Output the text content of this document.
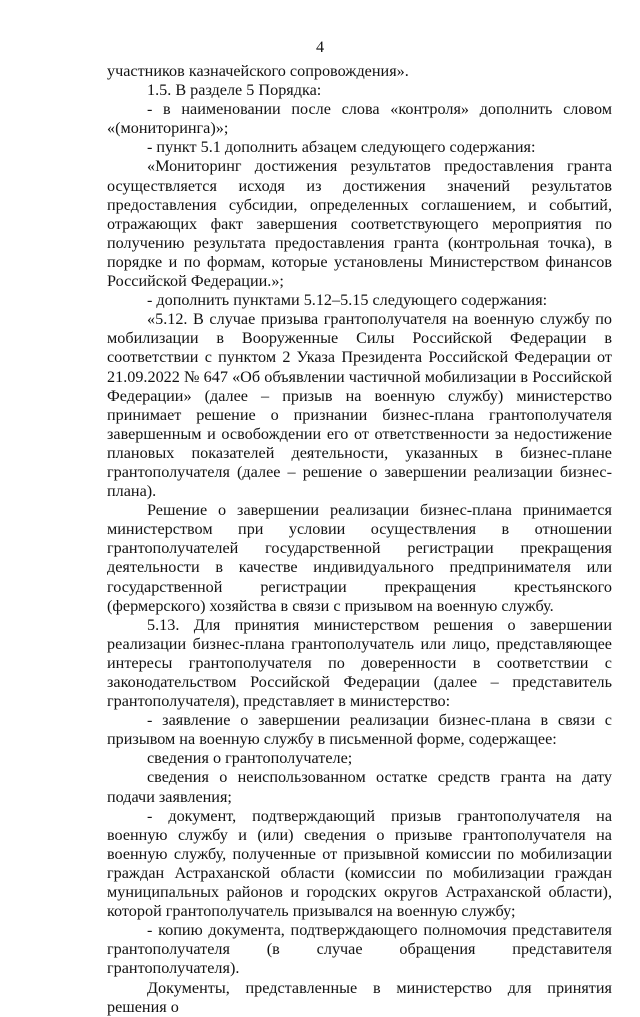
4

участников казначейского сопровождения».

1.5. В разделе 5 Порядка:

- в наименовании после слова «контроля» дополнить словом «(мониторинга)»;

- пункт 5.1 дополнить абзацем следующего содержания:

«Мониторинг достижения результатов предоставления гранта осуществляется исходя из достижения значений результатов предоставления субсидии, определенных соглашением, и событий, отражающих факт завершения соответствующего мероприятия по получению результата предоставления гранта (контрольная точка), в порядке и по формам, которые установлены Министерством финансов Российской Федерации.»;

- дополнить пунктами 5.12–5.15 следующего содержания:

«5.12. В случае призыва грантополучателя на военную службу по мобилизации в Вооруженные Силы Российской Федерации в соответствии с пунктом 2 Указа Президента Российской Федерации от 21.09.2022 № 647 «Об объявлении частичной мобилизации в Российской Федерации» (далее – призыв на военную службу) министерство принимает решение о признании бизнес-плана грантополучателя завершенным и освобождении его от ответственности за недостижение плановых показателей деятельности, указанных в бизнес-плане грантополучателя (далее – решение о завершении реализации бизнес-плана).

Решение о завершении реализации бизнес-плана принимается министерством при условии осуществления в отношении грантополучателей государственной регистрации прекращения деятельности в качестве индивидуального предпринимателя или государственной регистрации прекращения крестьянского (фермерского) хозяйства в связи с призывом на военную службу.

5.13. Для принятия министерством решения о завершении реализации бизнес-плана грантополучатель или лицо, представляющее интересы грантополучателя по доверенности в соответствии с законодательством Российской Федерации (далее – представитель грантополучателя), представляет в министерство:

- заявление о завершении реализации бизнес-плана в связи с призывом на военную службу в письменной форме, содержащее:

сведения о грантополучателе;

сведения о неиспользованном остатке средств гранта на дату подачи заявления;

- документ, подтверждающий призыв грантополучателя на военную службу и (или) сведения о призыве грантополучателя на военную службу, полученные от призывной комиссии по мобилизации граждан Астраханской области (комиссии по мобилизации граждан муниципальных районов и городских округов Астраханской области), которой грантополучатель призывался на военную службу;

- копию документа, подтверждающего полномочия представителя грантополучателя (в случае обращения представителя грантополучателя).

Документы, представленные в министерство для принятия решения о
